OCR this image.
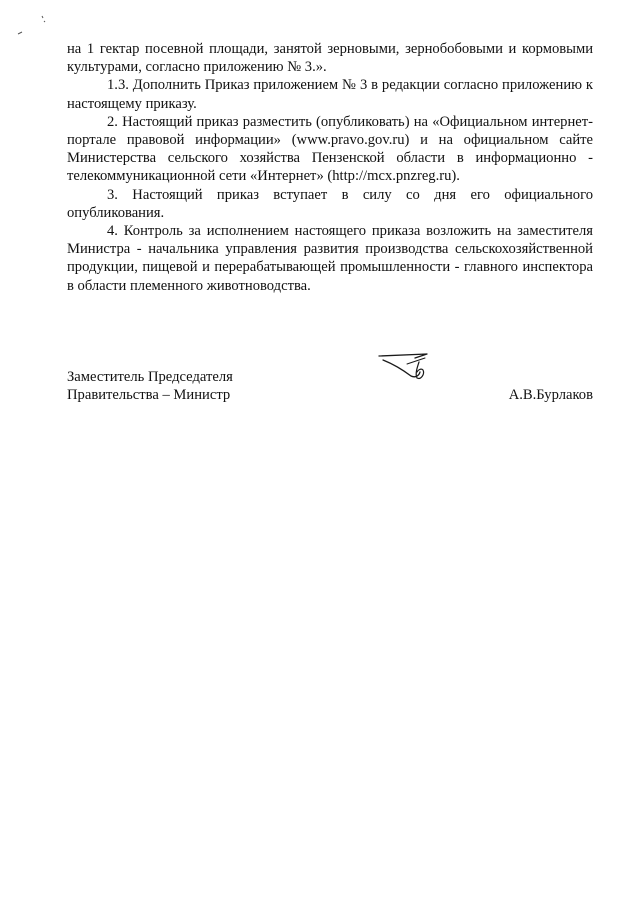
на 1 гектар посевной площади, занятой зерновыми, зернобобовыми и кормовыми культурами, согласно приложению № 3.».

1.3. Дополнить Приказ приложением № 3 в редакции согласно приложению к настоящему приказу.

2. Настоящий приказ разместить (опубликовать) на «Официальном интернет-портале правовой информации» (www.pravo.gov.ru) и на официальном сайте Министерства сельского хозяйства Пензенской области в информационно - телекоммуникационной сети «Интернет» (http://mcx.pnzreg.ru).

3. Настоящий приказ вступает в силу со дня его официального опубликования.

4. Контроль за исполнением настоящего приказа возложить на заместителя Министра - начальника управления развития производства сельскохозяйственной продукции, пищевой и перерабатывающей промышленности - главного инспектора в области племенного животноводства.

Заместитель Председателя
Правительства – Министр	А.В.Бурлаков
